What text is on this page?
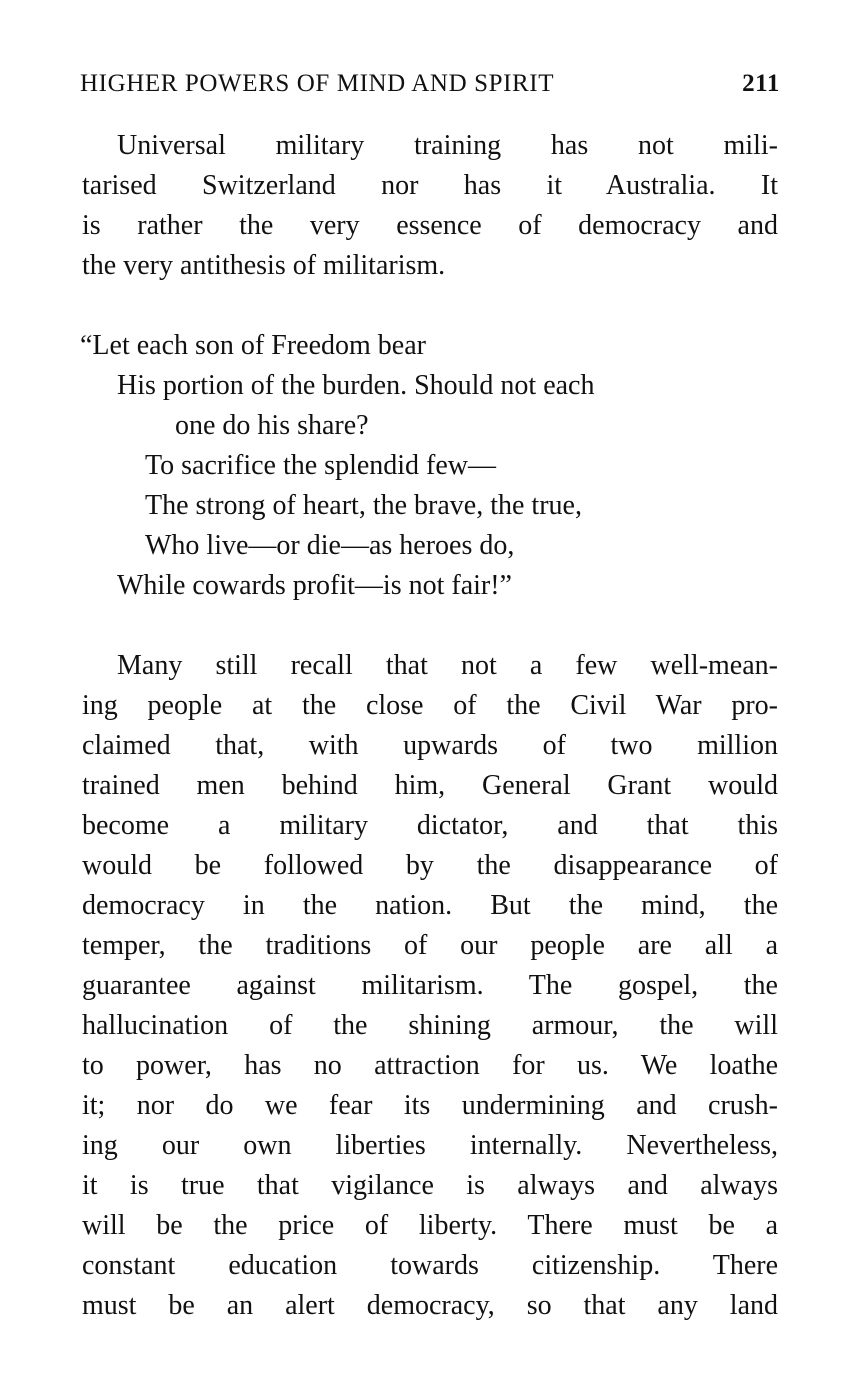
HIGHER POWERS OF MIND AND SPIRIT	211
Universal military training has not mili-
tarised Switzerland nor has it Australia. It
is rather the very essence of democracy and
the very antithesis of militarism.
“Let each son of Freedom bear
His portion of the burden. Should not each
one do his share?
To sacrifice the splendid few—
The strong of heart, the brave, the true,
Who live—or die—as heroes do,
While cowards profit—is not fair!”
Many still recall that not a few well-mean-
ing people at the close of the Civil War pro-
claimed that, with upwards of two million
trained men behind him, General Grant would
become a military dictator, and that this
would be followed by the disappearance of
democracy in the nation. But the mind, the
temper, the traditions of our people are all a
guarantee against militarism. The gospel, the
hallucination of the shining armour, the will
to power, has no attraction for us. We loathe
it; nor do we fear its undermining and crush-
ing our own liberties internally. Nevertheless,
it is true that vigilance is always and always
will be the price of liberty. There must be a
constant education towards citizenship. There
must be an alert democracy, so that any land
